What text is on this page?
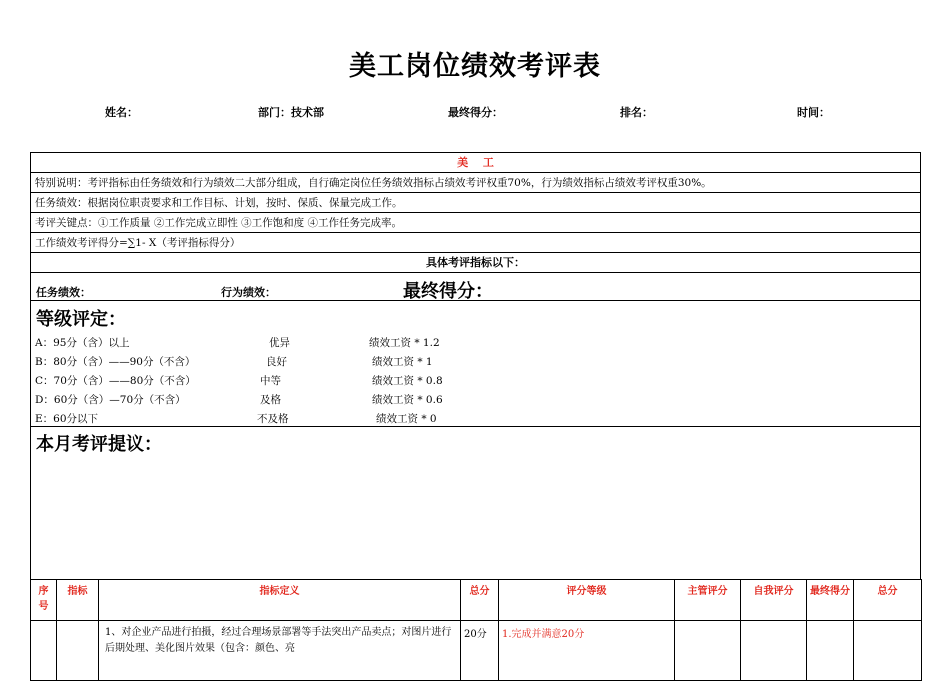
美工岗位绩效考评表
姓名：	部门：技术部	最终得分：	排名：	时间：
美　 工
特别说明：考评指标由任务绩效和行为绩效二大部分组成，自行确定岗位任务绩效指标占绩效考评权重70%，行为绩效指标占绩效考评权重30%。
任务绩效：根据岗位职责要求和工作目标、计划，按时、保质、保量完成工作。
考评关键点：①工作质量 ②工作完成立即性 ③工作饱和度 ④工作任务完成率。
工作绩效考评得分=∑1- X（考评指标得分）
具体考评指标以下：
任务绩效：	行为绩效：	最终得分：
等级评定：
A：95分（含）以上	优异	绩效工资 * 1.2
B：80分（含）——90分（不含）	良好	绩效工资 * 1
C：70分（含）——80分（不含）	中等	绩效工资 * 0.8
D：60分（含）—70分（不含）	及格	绩效工资 * 0.6
E：60分以下	不及格	绩效工资 * 0
本月考评提议：
序号	指标	指标定义	总分	评分等级	主管评分	自我评分	最终得分	总分
		1、对企业产品进行拍摄，经过合理场景部署等手法突出产品卖点；对图片进行后期处理、美化图片效果（包含：颜色、亮	20分	1.完成并满意20分				
